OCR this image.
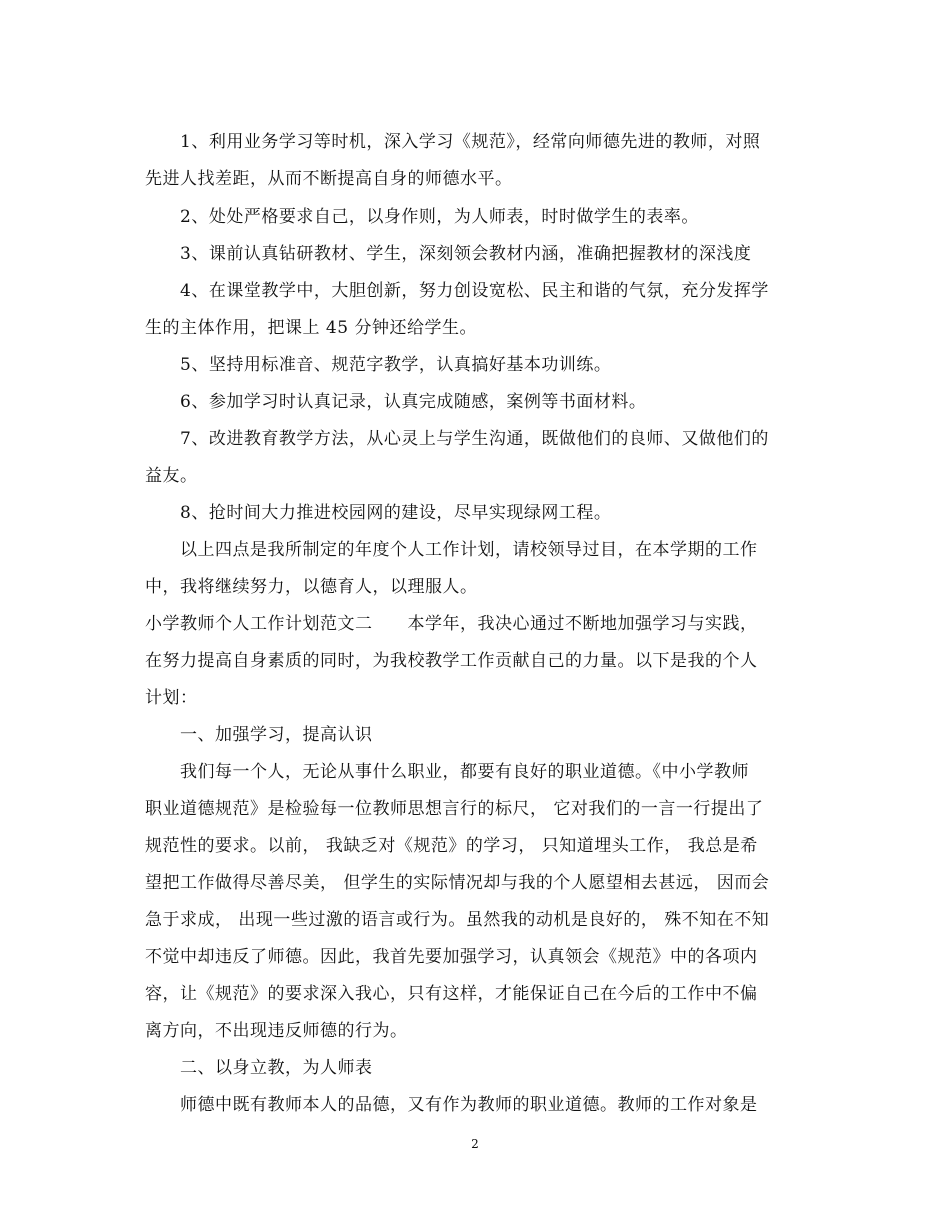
1、利用业务学习等时机，深入学习《规范》，经常向师德先进的教师，对照
先进人找差距，从而不断提高自身的师德水平。
2、处处严格要求自己，以身作则，为人师表，时时做学生的表率。
3、课前认真钻研教材、学生，深刻领会教材内涵，准确把握教材的深浅度
4、在课堂教学中，大胆创新，努力创设宽松、民主和谐的气氛，充分发挥学
生的主体作用，把课上 45 分钟还给学生。
5、坚持用标准音、规范字教学，认真搞好基本功训练。
6、参加学习时认真记录，认真完成随感，案例等书面材料。
7、改进教育教学方法，从心灵上与学生沟通，既做他们的良师、又做他们的
益友。
8、抢时间大力推进校园网的建设，尽早实现绿网工程。
以上四点是我所制定的年度个人工作计划，请校领导过目，在本学期的工作
中，我将继续努力，以德育人，以理服人。
小学教师个人工作计划范文二　　本学年，我决心通过不断地加强学习与实践，
在努力提高自身素质的同时，为我校教学工作贡献自己的力量。以下是我的个人
计划：
一、加强学习，提高认识
我们每一个人，无论从事什么职业，都要有良好的职业道德。《中小学教师
职业道德规范》是检验每一位教师思想言行的标尺， 它对我们的一言一行提出了
规范性的要求。以前， 我缺乏对《规范》的学习， 只知道埋头工作， 我总是希
望把工作做得尽善尽美， 但学生的实际情况却与我的个人愿望相去甚远， 因而会
急于求成， 出现一些过激的语言或行为。虽然我的动机是良好的， 殊不知在不知
不觉中却违反了师德。因此，我首先要加强学习，认真领会《规范》中的各项内
容，让《规范》的要求深入我心，只有这样，才能保证自己在今后的工作中不偏
离方向，不出现违反师德的行为。
二、以身立教，为人师表
师德中既有教师本人的品德，又有作为教师的职业道德。教师的工作对象是
2
